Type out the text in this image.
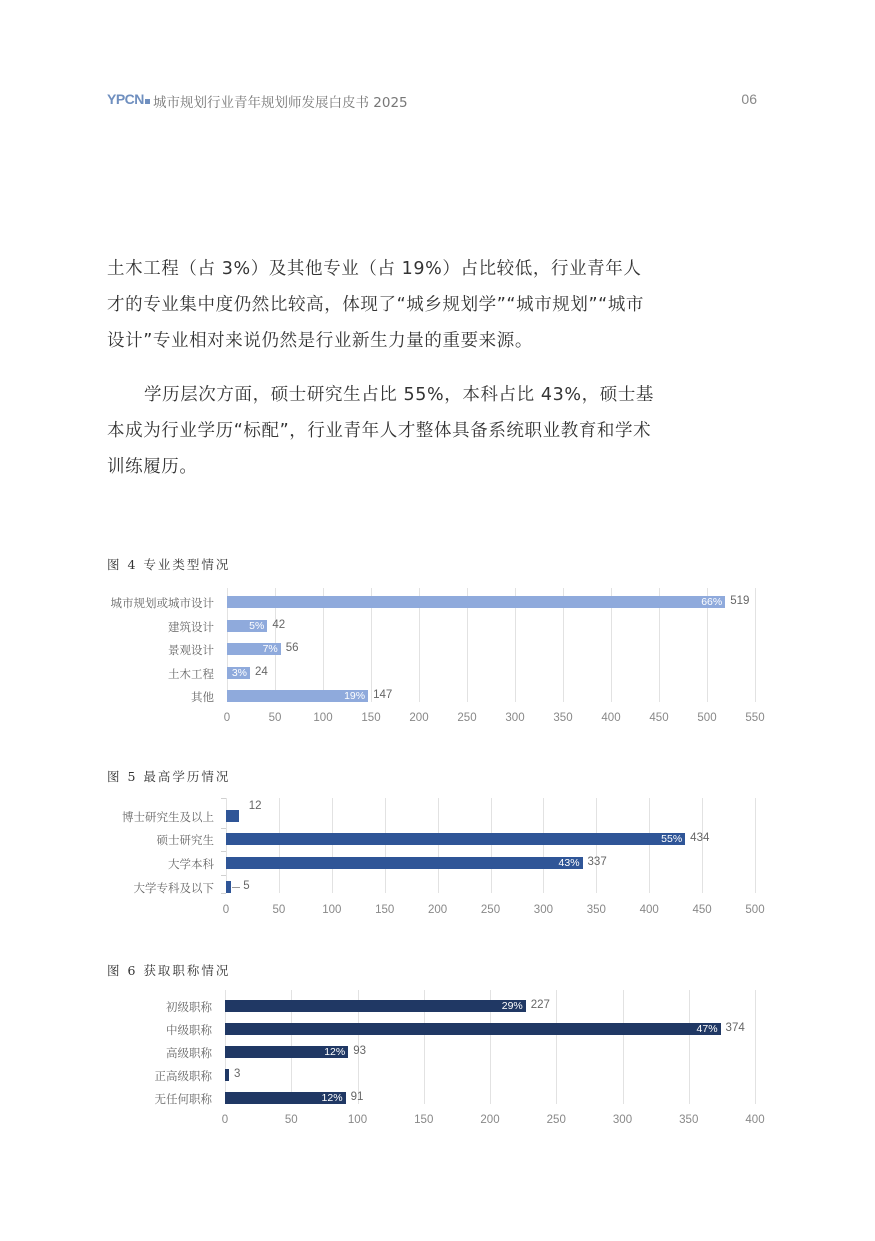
YPCN 城市规划行业青年规划师发展白皮书 2025	06
土木工程（占 3%）及其他专业（占 19%）占比较低，行业青年人才的专业集中度仍然比较高，体现了“城乡规划学”“城市规划”“城市设计”专业相对来说仍然是行业新生力量的重要来源。
学历层次方面，硕士研究生占比 55%，本科占比 43%，硕士基本成为行业学历“标配”，行业青年人才整体具备系统职业教育和学术训练履历。
图 4 专业类型情况
图 5 最高学历情况
图 6 获取职称情况
0	50	100	150	200	250	300	350	400	450	500	550
城市规划或城市设计	66% 519
建筑设计	5% 42
景观设计	7% 56
土木工程 3% 24
其他	19% 147
0	50	100	150	200	250	300	350	400	450	500
博士研究生及以上
12
硕士研究生	55% 434
大学本科	43% 337
大学专科及以下	5
0	50	100	150	200	250	300	350	400
初级职称	29% 227
中级职称	47% 374
高级职称	12% 93
正高级职称 3
无任何职称	12% 91
